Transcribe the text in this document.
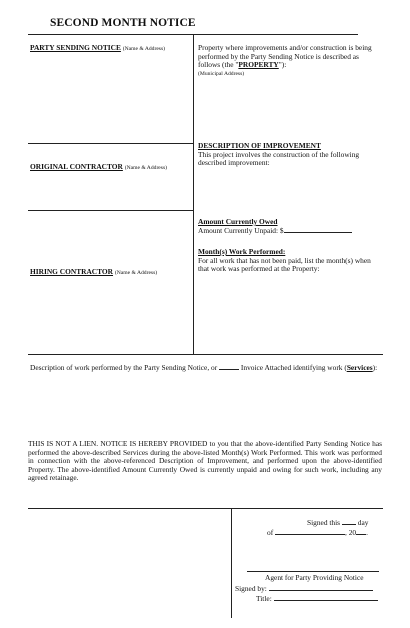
SECOND MONTH NOTICE
PARTY SENDING NOTICE (Name & Address)
ORIGINAL CONTRACTOR (Name & Address)
HIRING CONTRACTOR (Name & Address)
Property where improvements and/or construction is being performed by the Party Sending Notice is described as follows (the "PROPERTY"):
(Municipal Address)
DESCRIPTION OF IMPROVEMENT
This project involves the construction of the following described improvement:
Amount Currently Owed
Amount Currently Unpaid: $
Month(s) Work Performed:
For all work that has not been paid, list the month(s) when that work was performed at the Property:
Description of work performed by the Party Sending Notice, or	Invoice Attached identifying work (Services):
THIS IS NOT A LIEN. NOTICE IS HEREBY PROVIDED to you that the above-identified Party Sending Notice has performed the above-described Services during the above-listed Month(s) Work Performed. This work was performed in connection with the above-referenced Description of Improvement, and performed upon the above-identified Property. The above-identified Amount Currently Owed is currently unpaid and owing for such work, including any agreed retainage.
Signed this day
of	, 20 .
Agent for Party Providing Notice
Signed by:
Title:
